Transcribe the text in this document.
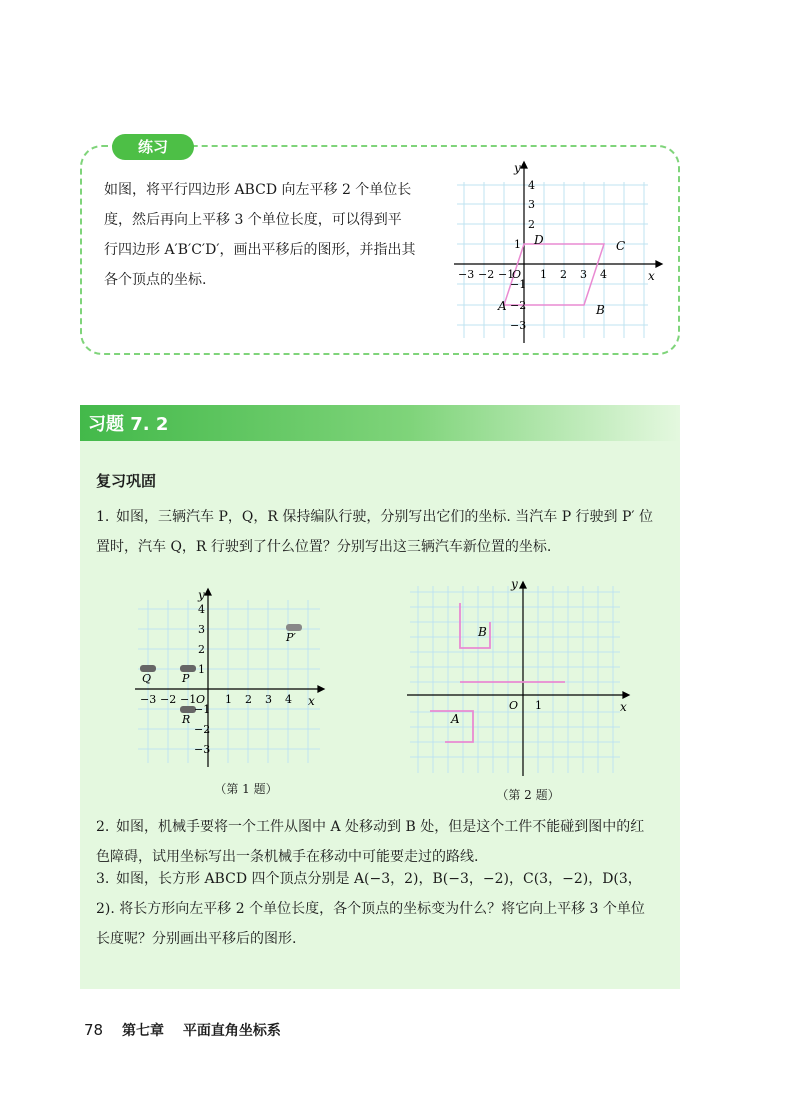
练习
如图，将平行四边形 ABCD 向左平移 2 个单位长
度，然后再向上平移 3 个单位长度，可以得到平
行四边形 A′B′C′D′，画出平移后的图形，并指出其
各个顶点的坐标.	x
y
O
−3 −2 −1 1 2 3 4
4
3
2
1
−1
−2
−3
A	B
C
D
习题 7. 2
复习巩固
1. 如图，三辆汽车 P，Q，R 保持编队行驶，分别写出它们的坐标. 当汽车 P 行驶到 P′ 位置时，汽车 Q，R 行驶到了什么位置？分别写出这三辆汽车新位置的坐标.
x
y
O
−3 −2 −1	1 2 3 4
4
3
2
1
−1
−2
−3
Q	P
R
P′
（第 1 题）
x
y
O 1
A
B
（第 2 题）
2. 如图，机械手要将一个工件从图中 A 处移动到 B 处，但是这个工件不能碰到图中的红色障碍，试用坐标写出一条机械手在移动中可能要走过的路线.
3. 如图，长方形 ABCD 四个顶点分别是 A(−3，2)，B(−3，−2)，C(3，−2)，D(3，2). 将长方形向左平移 2 个单位长度，各个顶点的坐标变为什么？将它向上平移 3 个单位长度呢？分别画出平移后的图形.
78 第七章 平面直角坐标系
